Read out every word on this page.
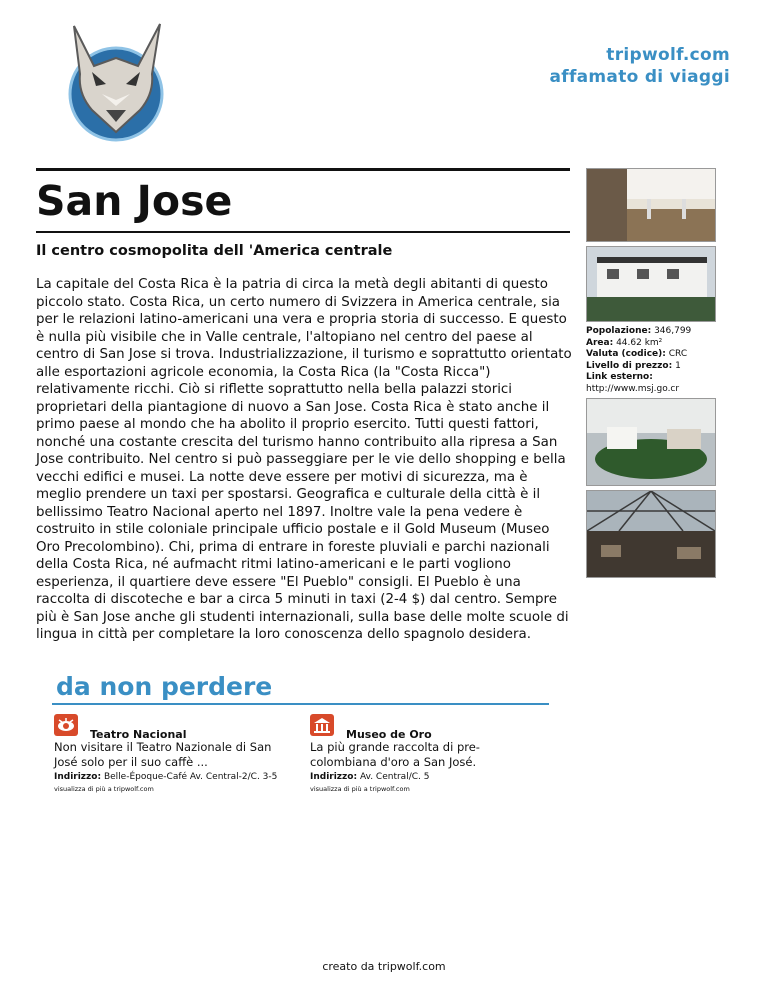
tripwolf.com
affamato di viaggi
San Jose
Il centro cosmopolita dell 'America centrale

La capitale del Costa Rica è la patria di circa la metà degli abitanti di questo piccolo stato. Costa Rica, un certo numero di Svizzera in America centrale, sia per le relazioni latino-americani una vera e propria storia di successo. E questo è nulla più visibile che in Valle centrale, l'altopiano nel centro del paese al centro di San Jose si trova. Industrializzazione, il turismo e soprattutto orientato alle esportazioni agricole economia, la Costa Rica (la "Costa Ricca") relativamente ricchi. Ciò si riflette soprattutto nella bella palazzi storici proprietari della piantagione di nuovo a San Jose. Costa Rica è stato anche il primo paese al mondo che ha abolito il proprio esercito. Tutti questi fattori, nonché una costante crescita del turismo hanno contribuito alla ripresa a San Jose contribuito. Nel centro si può passeggiare per le vie dello shopping e bella vecchi edifici e musei. La notte deve essere per motivi di sicurezza, ma è meglio prendere un taxi per spostarsi. Geografica e culturale della città è il bellissimo Teatro Nacional aperto nel 1897. Inoltre vale la pena vedere è costruito in stile coloniale principale ufficio postale e il Gold Museum (Museo Oro Precolombino). Chi, prima di entrare in foreste pluviali e parchi nazionali della Costa Rica, né aufmacht ritmi latino-americani e le parti vogliono esperienza, il quartiere deve essere "El Pueblo" consigli. El Pueblo è una raccolta di discoteche e bar a circa 5 minuti in taxi (2-4 $) dal centro. Sempre più è San Jose anche gli studenti internazionali, sulla base delle molte scuole di lingua in città per completare la loro conoscenza dello spagnolo desidera.

Popolazione: 346,799
Area: 44.62 km²
Valuta (codice): CRC
Livello di prezzo: 1
Link esterno: http://www.msj.go.cr
da non perdere
Teatro Nacional
Non visitare il Teatro Nazionale di San José solo per il suo caffè ...
Indirizzo: Belle-Époque-Café Av. Central-2/C. 3-5
visualizza di più a tripwolf.com
Museo de Oro
La più grande raccolta di pre-colombiana d'oro a San José.
Indirizzo: Av. Central/C. 5
visualizza di più a tripwolf.com
creato da tripwolf.com
